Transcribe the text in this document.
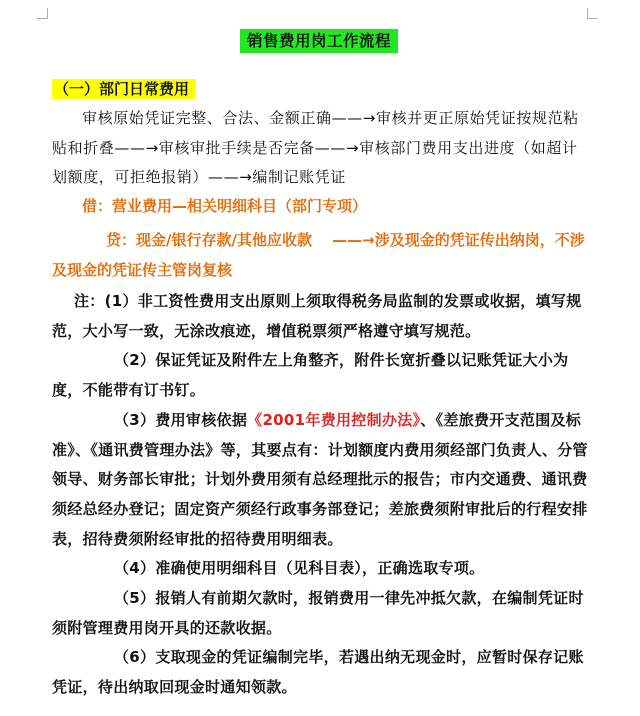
销售费用岗工作流程
（一）部门日常费用
审核原始凭证完整、合法、金额正确——→审核并更正原始凭证按规范粘贴和折叠——→审核审批手续是否完备——→审核部门费用支出进度（如超计划额度，可拒绝报销）——→编制记账凭证
借：营业费用—相关明细科目（部门专项）
贷：现金/银行存款/其他应收款　 ——→涉及现金的凭证传出纳岗，不涉及现金的凭证传主管岗复核

注：(1）非工资性费用支出原则上须取得税务局监制的发票或收据，填写规范，大小写一致，无涂改痕迹，增值税票须严格遵守填写规范。

（2）保证凭证及附件左上角整齐，附件长宽折叠以记账凭证大小为度，不能带有订书钉。

（3）费用审核依据《2001年费用控制办法》、《差旅费开支范围及标准》、《通讯费管理办法》等，其要点有：计划额度内费用须经部门负责人、分管领导、财务部长审批；计划外费用须有总经理批示的报告；市内交通费、通讯费须经总经办登记；固定资产须经行政事务部登记；差旅费须附审批后的行程安排表，招待费须附经审批的招待费用明细表。

（4）准确使用明细科目（见科目表），正确选取专项。

（5）报销人有前期欠款时，报销费用一律先冲抵欠款，在编制凭证时须附管理费用岗开具的还款收据。

（6）支取现金的凭证编制完毕，若遇出纳无现金时，应暂时保存记账凭证，待出纳取回现金时通知领款。
